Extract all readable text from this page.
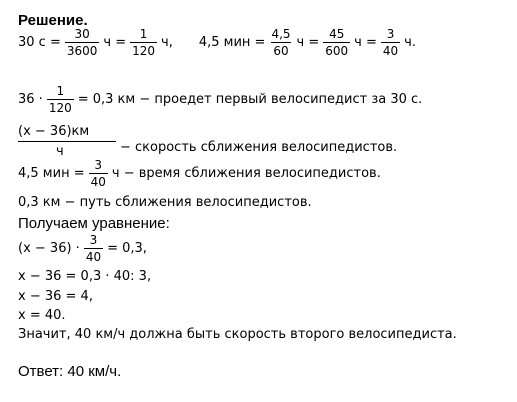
Решение.
30 $с = \frac{30}{3600}$ $ч = \frac{1}{120} ч$, 4,5 мин = $\frac{4,5}{60}$ $ч = \frac{45}{600}$ $ч = \frac{3}{40} ч$.
$36 \cdot \frac{1}{120} = 0,3$ км − проедет первый велосипедист за 30 с.
(х − 36)км
ч	− скорость сближения велосипедистов.
4,5 мин = $\frac{3}{40}$ ч − время сближения велосипедистов.
0,3 км − путь сближения велосипедистов.
Получаем уравнение:
$(х - 36) \cdot \frac{3}{40} = 0,3$,
х − 36 = 0,3 · 40: 3,
х − 36 = 4,
х = 40.
Значит, 40 км/ч должна быть скорость второго велосипедиста.
Ответ: 40 км/ч.
